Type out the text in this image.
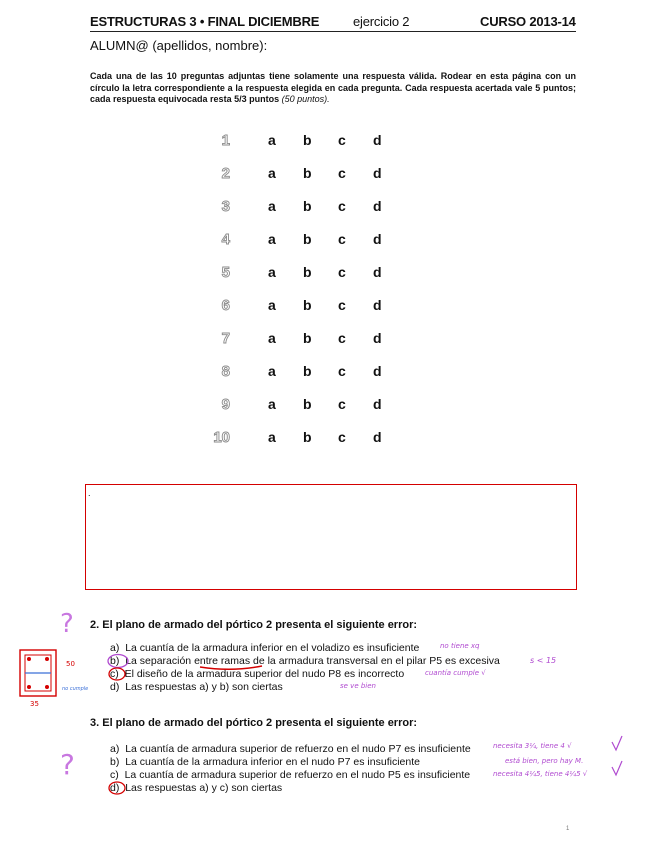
ESTRUCTURAS 3 • FINAL DICIEMBRE	ejercicio 2	CURSO 2013-14
ALUMN@ (apellidos, nombre):
Cada una de las 10 preguntas adjuntas tiene solamente una respuesta válida. Rodear en esta página con un círculo la letra correspondiente a la respuesta elegida en cada pregunta. Cada respuesta acertada vale 5 puntos; cada respuesta equivocada resta 5/3 puntos (50 puntos).
1	a b c d
2	a b c d
3	a b c d
4	a b c d
5	a b c d
6	a b c d
7	a b c d
8	a b c d
9	a b c d
10	a b c d
.
2. El plano de armado del pórtico 2 presenta el siguiente error:
a) La cuantía de la armadura inferior en el voladizo es insuficiente
b) La separación entre ramas de la armadura transversal en el pilar P5 es excesiva
c) El diseño de la armadura superior del nudo P8 es incorrecto
d) Las respuestas a) y b) son ciertas
no tiene xq
s < 15
cuantía cumple √
se ve bien
3. El plano de armado del pórtico 2 presenta el siguiente error:
a) La cuantía de armadura superior de refuerzo en el nudo P7 es insuficiente
b) La cuantía de la armadura inferior en el nudo P7 es insuficiente
c) La cuantía de armadura superior de refuerzo en el nudo P5 es insuficiente
d) Las respuestas a) y c) son ciertas
necesita 3¼, tiene 4 √
está bien, pero hay M.
necesita 4¼5, tiene 4¼5 √
?
?
50
35
no cumple
1
